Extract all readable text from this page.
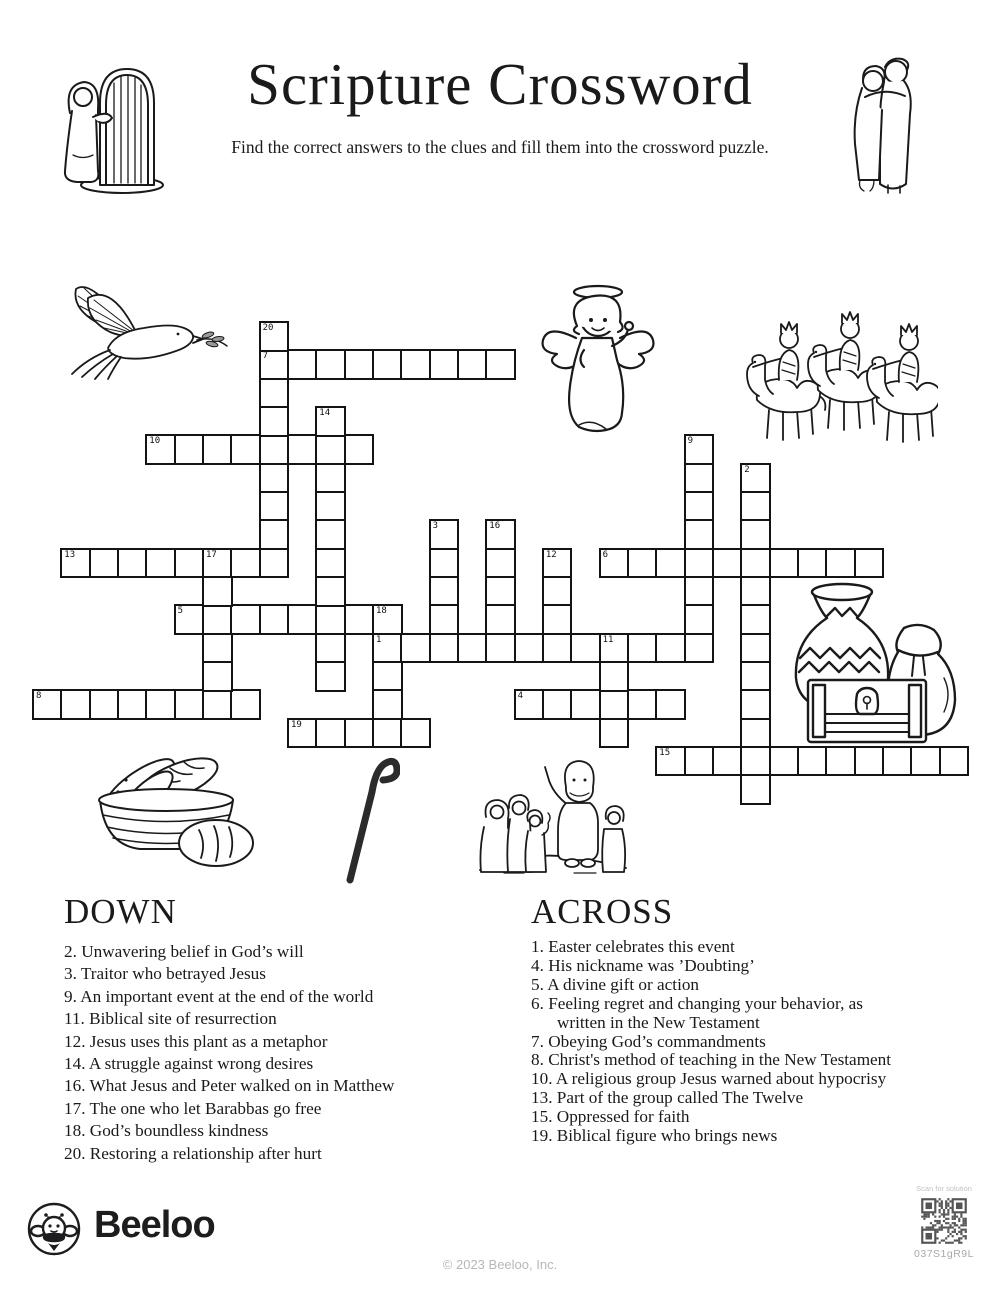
Scripture Crossword
Find the correct answers to the clues and fill them into the crossword puzzle.
7
10
13	17	6
5	18
1	11
8	4
19
15
20
14
9
2
3	16
12
DOWN
2. Unwavering belief in God’s will
3. Traitor who betrayed Jesus
9. An important event at the end of the world
11. Biblical site of resurrection
12. Jesus uses this plant as a metaphor
14. A struggle against wrong desires
16. What Jesus and Peter walked on in Matthew
17. The one who let Barabbas go free
18. God’s boundless kindness
20. Restoring a relationship after hurt
ACROSS
1. Easter celebrates this event
4. His nickname was ’Doubting’
5. A divine gift or action
6. Feeling regret and changing your behavior, as written in the New Testament
7. Obeying God’s commandments
8. Christ's method of teaching in the New Testament
10. A religious group Jesus warned about hypocrisy
13. Part of the group called The Twelve
15. Oppressed for faith
19. Biblical figure who brings news
Beeloo
© 2023 Beeloo, Inc.
Scan for solution
037S1gR9L
